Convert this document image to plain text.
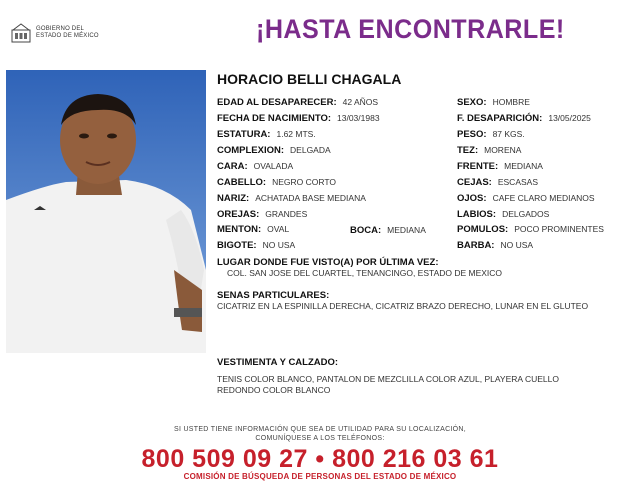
GOBIERNO DEL
ESTADO DE MÉXICO	¡HASTA ENCONTRARLE!
HORACIO BELLI CHAGALA
EDAD AL DESAPARECER: 42 AÑOS
FECHA DE NACIMIENTO: 13/03/1983
ESTATURA: 1.62 MTS.
COMPLEXION: DELGADA
CARA: OVALADA
CABELLO: NEGRO CORTO
NARIZ: ACHATADA BASE MEDIANA
OREJAS: GRANDES
MENTON: OVAL	BOCA: MEDIANA
BIGOTE: NO USA
SEXO: HOMBRE
F. DESAPARICIÓN: 13/05/2025
PESO: 87 KGS.
TEZ: MORENA
FRENTE: MEDIANA
CEJAS: ESCASAS
OJOS: CAFE CLARO MEDIANOS
LABIOS: DELGADOS
POMULOS: POCO PROMINENTES
BARBA: NO USA
LUGAR DONDE FUE VISTO(A) POR ÚLTIMA VEZ:
COL. SAN JOSE DEL CUARTEL, TENANCINGO, ESTADO DE MEXICO
SENAS PARTICULARES:
CICATRIZ EN LA ESPINILLA DERECHA, CICATRIZ BRAZO DERECHO, LUNAR EN EL GLUTEO
VESTIMENTA Y CALZADO:
TENIS COLOR BLANCO, PANTALON DE MEZCLILLA COLOR AZUL, PLAYERA CUELLO REDONDO COLOR BLANCO
SI USTED TIENE INFORMACIÓN QUE SEA DE UTILIDAD PARA SU LOCALIZACIÓN,
COMUNÍQUESE A LOS TELÉFONOS:
800 509 09 27 • 800 216 03 61
COMISIÓN DE BÚSQUEDA DE PERSONAS DEL ESTADO DE MÉXICO
